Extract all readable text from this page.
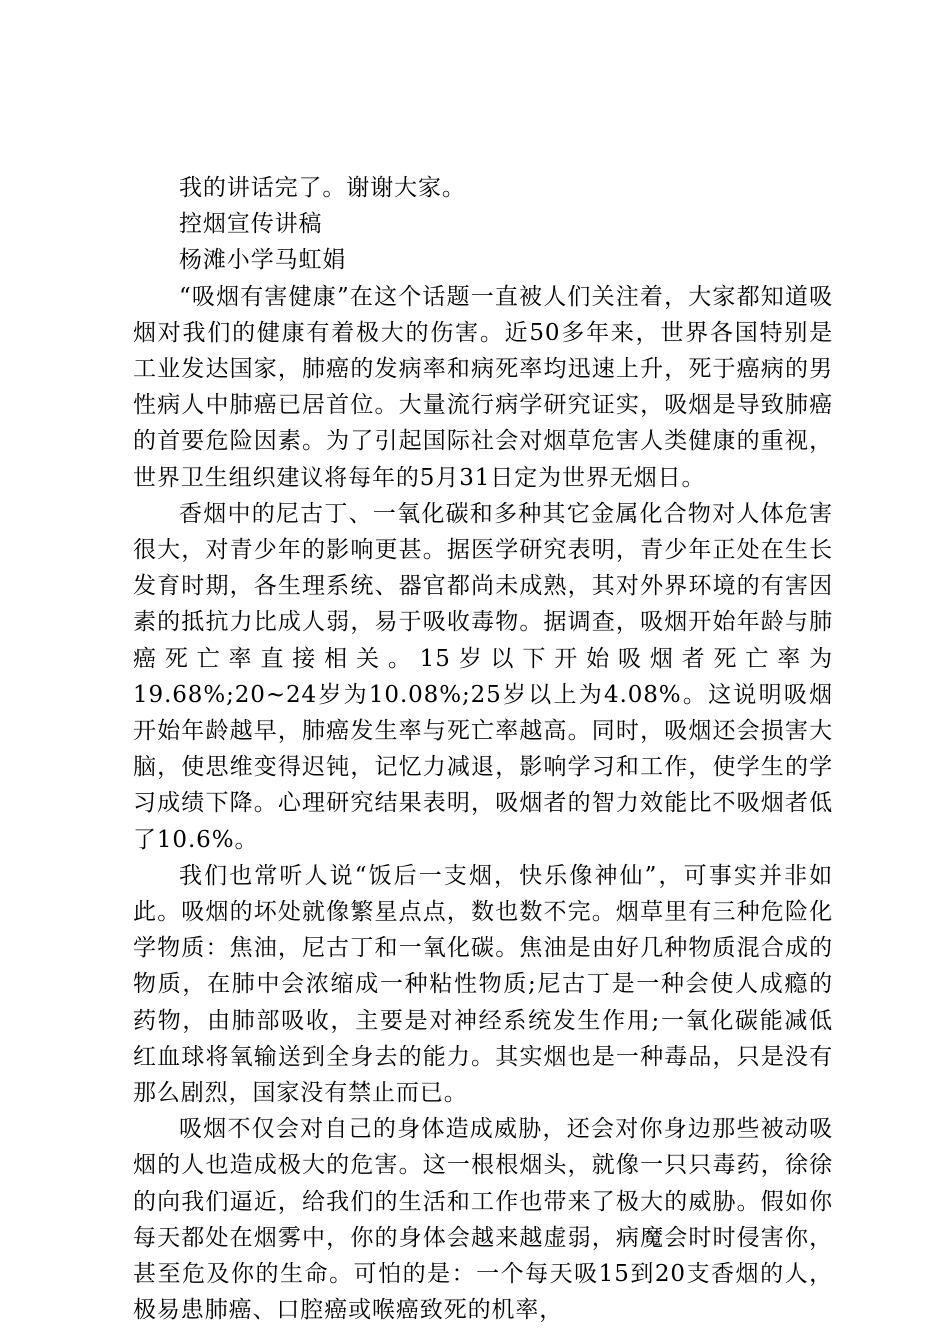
我的讲话完了。谢谢大家。

控烟宣传讲稿

杨滩小学马虹娟

“吸烟有害健康”在这个话题一直被人们关注着，大家都知道吸烟对我们的健康有着极大的伤害。近50多年来，世界各国特别是工业发达国家，肺癌的发病率和病死率均迅速上升，死于癌病的男性病人中肺癌已居首位。大量流行病学研究证实，吸烟是导致肺癌的首要危险因素。为了引起国际社会对烟草危害人类健康的重视，世界卫生组织建议将每年的5月31日定为世界无烟日。

香烟中的尼古丁、一氧化碳和多种其它金属化合物对人体危害很大，对青少年的影响更甚。据医学研究表明，青少年正处在生长发育时期，各生理系统、器官都尚未成熟，其对外界环境的有害因素的抵抗力比成人弱，易于吸收毒物。据调查，吸烟开始年龄与肺癌死亡率直接相关。15岁以下开始吸烟者死亡率为19.68%;20~24岁为10.08%;25岁以上为4.08%。这说明吸烟开始年龄越早，肺癌发生率与死亡率越高。同时，吸烟还会损害大脑，使思维变得迟钝，记忆力减退，影响学习和工作，使学生的学习成绩下降。心理研究结果表明，吸烟者的智力效能比不吸烟者低了10.6%。

我们也常听人说“饭后一支烟，快乐像神仙”，可事实并非如此。吸烟的坏处就像繁星点点，数也数不完。烟草里有三种危险化学物质：焦油，尼古丁和一氧化碳。焦油是由好几种物质混合成的物质，在肺中会浓缩成一种粘性物质;尼古丁是一种会使人成瘾的药物，由肺部吸收，主要是对神经系统发生作用;一氧化碳能减低红血球将氧输送到全身去的能力。其实烟也是一种毒品，只是没有那么剧烈，国家没有禁止而已。

吸烟不仅会对自己的身体造成威胁，还会对你身边那些被动吸烟的人也造成极大的危害。这一根根烟头，就像一只只毒药，徐徐的向我们逼近，给我们的生活和工作也带来了极大的威胁。假如你每天都处在烟雾中，你的身体会越来越虚弱，病魔会时时侵害你，甚至危及你的生命。可怕的是：一个每天吸15到20支香烟的人，极易患肺癌、口腔癌或喉癌致死的机率，
